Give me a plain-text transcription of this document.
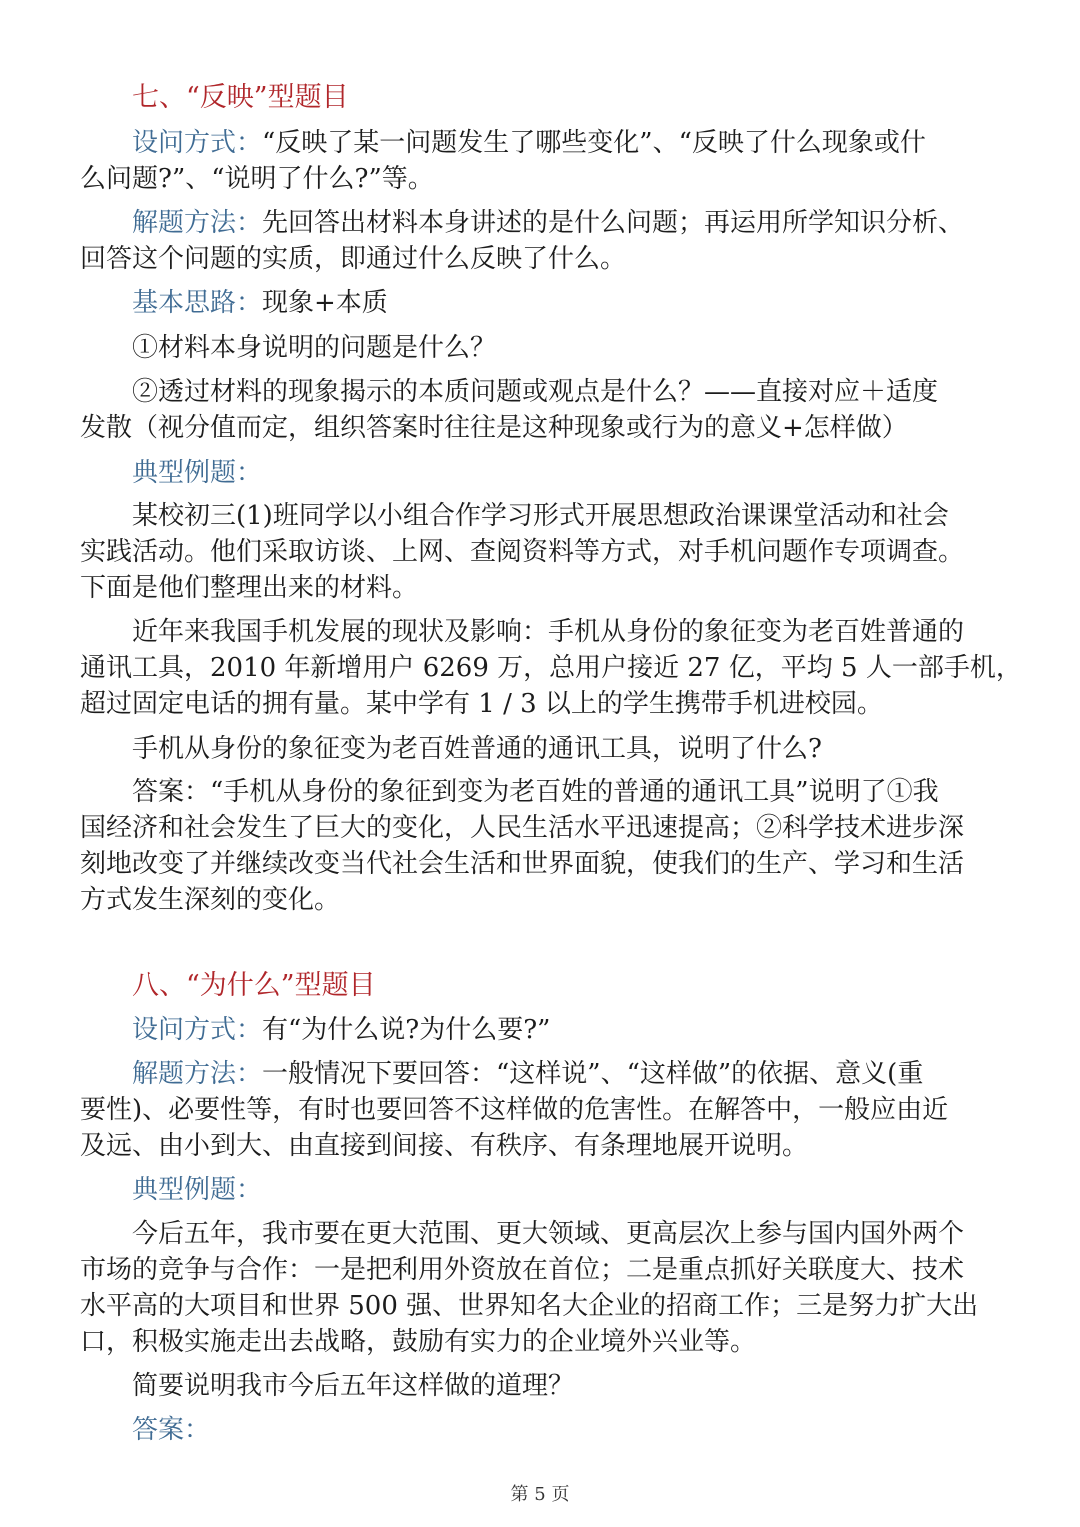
七、“反映”型题目
设问方式：“反映了某一问题发生了哪些变化”、“反映了什么现象或什
么问题?”、“说明了什么?”等。
解题方法：先回答出材料本身讲述的是什么问题；再运用所学知识分析、
回答这个问题的实质，即通过什么反映了什么。
基本思路：现象+本质
①材料本身说明的问题是什么？
②透过材料的现象揭示的本质问题或观点是什么？——直接对应＋适度
发散（视分值而定，组织答案时往往是这种现象或行为的意义+怎样做）
典型例题：
某校初三(1)班同学以小组合作学习形式开展思想政治课课堂活动和社会
实践活动。他们采取访谈、上网、查阅资料等方式，对手机问题作专项调查。
下面是他们整理出来的材料。
近年来我国手机发展的现状及影响：手机从身份的象征变为老百姓普通的
通讯工具，2010 年新增用户 6269 万，总用户接近 27 亿，平均 5 人一部手机，
超过固定电话的拥有量。某中学有 1 / 3 以上的学生携带手机进校园。
手机从身份的象征变为老百姓普通的通讯工具，说明了什么?
答案：“手机从身份的象征到变为老百姓的普通的通讯工具”说明了①我
国经济和社会发生了巨大的变化，人民生活水平迅速提高；②科学技术进步深
刻地改变了并继续改变当代社会生活和世界面貌，使我们的生产、学习和生活
方式发生深刻的变化。
八、“为什么”型题目
设问方式：有“为什么说?为什么要?”
解题方法：一般情况下要回答：“这样说”、“这样做”的依据、意义(重
要性)、必要性等，有时也要回答不这样做的危害性。在解答中，一般应由近
及远、由小到大、由直接到间接、有秩序、有条理地展开说明。
典型例题：
今后五年，我市要在更大范围、更大领域、更高层次上参与国内国外两个
市场的竞争与合作：一是把利用外资放在首位；二是重点抓好关联度大、技术
水平高的大项目和世界 500 强、世界知名大企业的招商工作；三是努力扩大出
口，积极实施走出去战略，鼓励有实力的企业境外兴业等。
简要说明我市今后五年这样做的道理？
答案：
第 5 页
